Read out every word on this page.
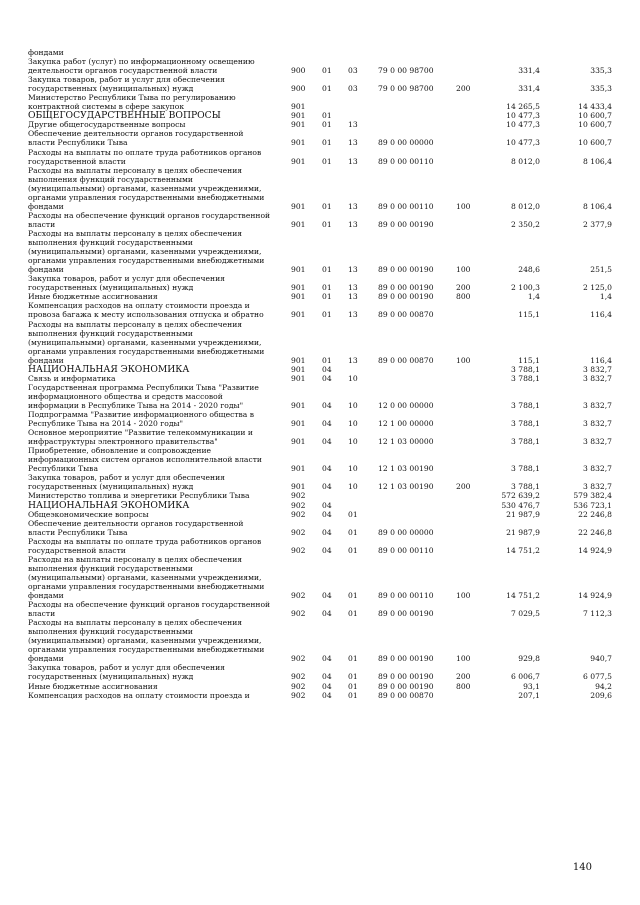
фондами
Закупка работ (услуг) по информационному освещению
деятельности органов государственной власти	900 01 03	79 0 00 98700	331,4	335,3
Закупка товаров, работ и услуг для обеспечения
государственных (муниципальных) нужд	900 01 03	79 0 00 98700	200	331,4	335,3
Министерство Республики Тыва по регулированию
контрактной системы в сфере закупок	901	14 265,5	14 433,4
ОБЩЕГОСУДАРСТВЕННЫЕ ВОПРОСЫ	901 01	10 477,3	10 600,7
Другие общегосударственные вопросы	901 01 13	10 477,3	10 600,7
Обеспечение деятельности органов государственной
власти Республики Тыва	901 01 13	89 0 00 00000	10 477,3	10 600,7
Расходы на выплаты по оплате труда работников органов
государственной власти	901 01 13	89 0 00 00110	8 012,0	8 106,4
Расходы на выплаты персоналу в целях обеспечения
выполнения функций государственными
(муниципальными) органами, казенными учреждениями,
органами управления государственными внебюджетными
фондами	901 01 13	89 0 00 00110	100	8 012,0	8 106,4
Расходы на обеспечение функций органов государственной
власти	901 01 13	89 0 00 00190	2 350,2	2 377,9
Расходы на выплаты персоналу в целях обеспечения
выполнения функций государственными
(муниципальными) органами, казенными учреждениями,
органами управления государственными внебюджетными
фондами	901 01 13	89 0 00 00190	100	248,6	251,5
Закупка товаров, работ и услуг для обеспечения
государственных (муниципальных) нужд	901 01 13	89 0 00 00190	200	2 100,3	2 125,0
Иные бюджетные ассигнования	901 01 13	89 0 00 00190	800	1,4	1,4
Компенсация расходов на оплату стоимости проезда и
провоза багажа к месту использования отпуска и обратно	901 01 13	89 0 00 00870	115,1	116,4
Расходы на выплаты персоналу в целях обеспечения
выполнения функций государственными
(муниципальными) органами, казенными учреждениями,
органами управления государственными внебюджетными
фондами	901 01 13	89 0 00 00870	100	115,1	116,4
НАЦИОНАЛЬНАЯ ЭКОНОМИКА	901 04	3 788,1	3 832,7
Связь и информатика	901 04 10	3 788,1	3 832,7
Государственная программа Республики Тыва "Развитие
информационного общества и средств массовой
информации в Республике Тыва на 2014 - 2020 годы"	901 04 10	12 0 00 00000	3 788,1	3 832,7
Подпрограмма "Развитие информационного общества в
Республике Тыва на 2014 - 2020 годы"	901 04 10	12 1 00 00000	3 788,1	3 832,7
Основное мероприятие "Развитие телекоммуникации и
инфраструктуры электронного правительства"	901 04 10	12 1 03 00000	3 788,1	3 832,7
Приобретение, обновление и сопровождение
информационных систем органов исполнительной власти
Республики Тыва	901 04 10	12 1 03 00190	3 788,1	3 832,7
Закупка товаров, работ и услуг для обеспечения
государственных (муниципальных) нужд	901 04 10	12 1 03 00190	200	3 788,1	3 832,7
Министерство топлива и энергетики Республики Тыва	902	572 639,2	579 382,4
НАЦИОНАЛЬНАЯ ЭКОНОМИКА	902 04	530 476,7	536 723,1
Общеэкономические вопросы	902 04 01	21 987,9	22 246,8
Обеспечение деятельности органов государственной
власти Республики Тыва	902 04 01	89 0 00 00000	21 987,9	22 246,8
Расходы на выплаты по оплате труда работников органов
государственной власти	902 04 01	89 0 00 00110	14 751,2	14 924,9
Расходы на выплаты персоналу в целях обеспечения
выполнения функций государственными
(муниципальными) органами, казенными учреждениями,
органами управления государственными внебюджетными
фондами	902 04 01	89 0 00 00110	100	14 751,2	14 924,9
Расходы на обеспечение функций органов государственной
власти	902 04 01	89 0 00 00190	7 029,5	7 112,3
Расходы на выплаты персоналу в целях обеспечения
выполнения функций государственными
(муниципальными) органами, казенными учреждениями,
органами управления государственными внебюджетными
фондами	902 04 01	89 0 00 00190	100	929,8	940,7
Закупка товаров, работ и услуг для обеспечения
государственных (муниципальных) нужд	902 04 01	89 0 00 00190	200	6 006,7	6 077,5
Иные бюджетные ассигнования	902 04 01	89 0 00 00190	800	93,1	94,2
Компенсация расходов на оплату стоимости проезда и	902 04 01	89 0 00 00870	207,1	209,6
140
